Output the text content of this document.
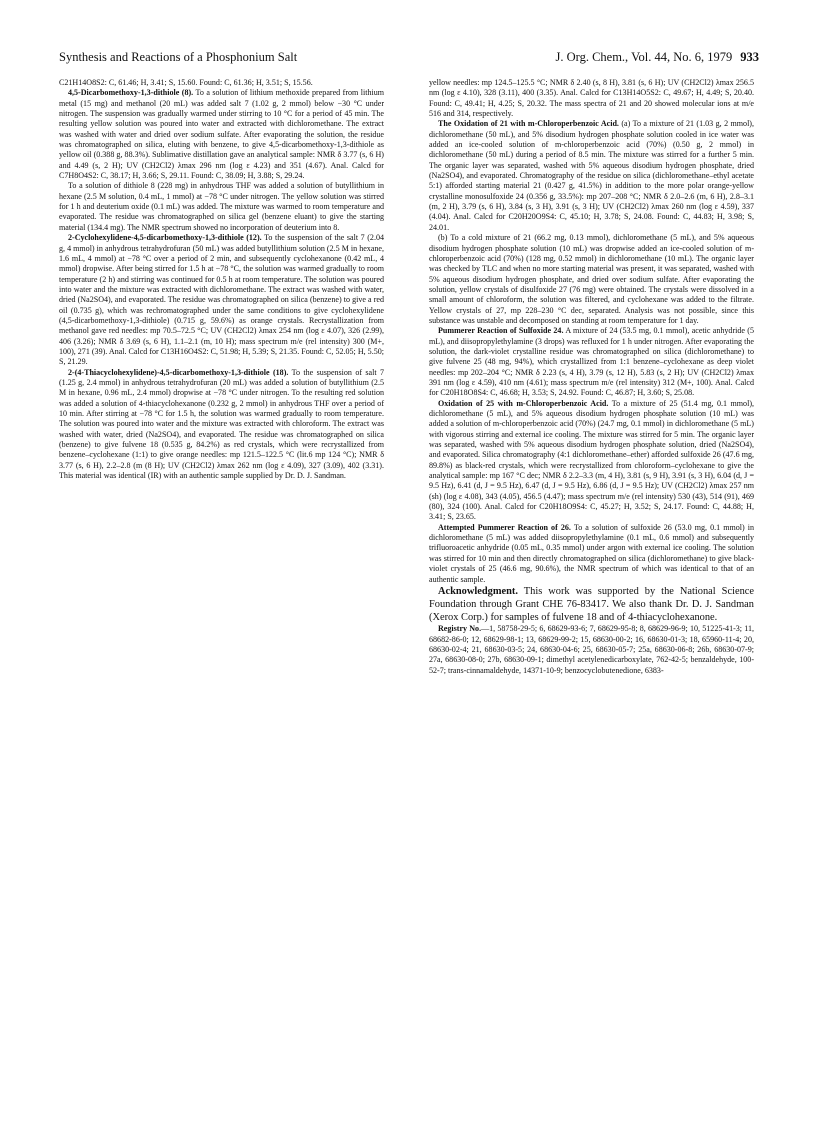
Synthesis and Reactions of a Phosphonium Salt	J. Org. Chem., Vol. 44, No. 6, 1979 933

C21H14O8S2: C, 61.46; H, 3.41; S, 15.60. Found: C, 61.36; H, 3.51; S, 15.56.

4,5-Dicarbomethoxy-1,3-dithiole (8). To a solution of lithium methoxide prepared from lithium metal (15 mg) and methanol (20 mL) was added salt 7 (1.02 g, 2 mmol) below −30 °C under nitrogen. The suspension was gradually warmed under stirring to 10 °C for a period of 45 min. The resulting yellow solution was poured into water and extracted with dichloromethane. The extract was washed with water and dried over sodium sulfate. After evaporating the solution, the residue was chromatographed on silica, eluting with benzene, to give 4,5-dicarbomethoxy-1,3-dithiole as yellow oil (0.388 g, 88.3%). Sublimative distillation gave an analytical sample: NMR δ 3.77 (s, 6 H) and 4.49 (s, 2 H); UV (CH2Cl2) λmax 296 nm (log ε 4.23) and 351 (4.67). Anal. Calcd for C7H8O4S2: C, 38.17; H, 3.66; S, 29.11. Found: C, 38.09; H, 3.88; S, 29.24.

To a solution of dithiole 8 (228 mg) in anhydrous THF was added a solution of butyllithium in hexane (2.5 M solution, 0.4 mL, 1 mmol) at −78 °C under nitrogen. The yellow solution was stirred for 1 h and deuterium oxide (0.1 mL) was added. The mixture was warmed to room temperature and evaporated. The residue was chromatographed on silica gel (benzene eluant) to give the starting material (134.4 mg). The NMR spectrum showed no incorporation of deuterium into 8.

2-Cyclohexylidene-4,5-dicarbomethoxy-1,3-dithiole (12). To the suspension of the salt 7 (2.04 g, 4 mmol) in anhydrous tetrahydrofuran (50 mL) was added butyllithium solution (2.5 M in hexane, 1.6 mL, 4 mmol) at −78 °C over a period of 2 min, and subsequently cyclohexanone (0.42 mL, 4 mmol) dropwise. After being stirred for 1.5 h at −78 °C, the solution was warmed gradually to room temperature (2 h) and stirring was continued for 0.5 h at room temperature. The solution was poured into water and the mixture was extracted with dichloromethane. The extract was washed with water, dried (Na2SO4), and evaporated. The residue was chromatographed on silica (benzene) to give a red oil (0.735 g), which was rechromatographed under the same conditions to give cyclohexylidene (4,5-dicarbomethoxy-1,3-dithiole) (0.715 g, 59.6%) as orange crystals. Recrystallization from methanol gave red needles: mp 70.5–72.5 °C; UV (CH2Cl2) λmax 254 nm (log ε 4.07), 326 (2.99), 406 (3.26); NMR δ 3.69 (s, 6 H), 1.1–2.1 (m, 10 H); mass spectrum m/e (rel intensity) 300 (M+, 100), 271 (39). Anal. Calcd for C13H16O4S2: C, 51.98; H, 5.39; S, 21.35. Found: C, 52.05; H, 5.50; S, 21.29.

2-(4-Thiacyclohexylidene)-4,5-dicarbomethoxy-1,3-dithiole (18). To the suspension of salt 7 (1.25 g, 2.4 mmol) in anhydrous tetrahydrofuran (20 mL) was added a solution of butyllithium (2.5 M in hexane, 0.96 mL, 2.4 mmol) dropwise at −78 °C under nitrogen. To the resulting red solution was added a solution of 4-thiacyclohexanone (0.232 g, 2 mmol) in anhydrous THF over a period of 10 min. After stirring at −78 °C for 1.5 h, the solution was warmed gradually to room temperature. The solution was poured into water and the mixture was extracted with chloroform. The extract was washed with water, dried (Na2SO4), and evaporated. The residue was chromatographed on silica (benzene) to give fulvene 18 (0.535 g, 84.2%) as red crystals, which were recrystallized from benzene–cyclohexane (1:1) to give orange needles: mp 121.5–122.5 °C (lit.6 mp 124 °C); NMR δ 3.77 (s, 6 H), 2.2–2.8 (m (8 H); UV (CH2Cl2) λmax 262 nm (log ε 4.09), 327 (3.09), 402 (3.31). This material was identical (IR) with an authentic sample supplied by Dr. D. J. Sandman.

yellow needles: mp 124.5–125.5 °C; NMR δ 2.40 (s, 8 H), 3.81 (s, 6 H); UV (CH2Cl2) λmax 256.5 nm (log ε 4.10), 328 (3.11), 400 (3.35). Anal. Calcd for C13H14O5S2: C, 49.67; H, 4.49; S, 20.40. Found: C, 49.41; H, 4.25; S, 20.32. The mass spectra of 21 and 20 showed molecular ions at m/e 516 and 314, respectively.

The Oxidation of 21 with m-Chloroperbenzoic Acid. (a) To a mixture of 21 (1.03 g, 2 mmol), dichloromethane (50 mL), and 5% disodium hydrogen phosphate solution cooled in ice water was added an ice-cooled solution of m-chloroperbenzoic acid (70%) (0.50 g, 2 mmol) in dichloromethane (50 mL) during a period of 8.5 min. The mixture was stirred for a further 5 min. The organic layer was separated, washed with 5% aqueous disodium hydrogen phosphate, dried (Na2SO4), and evaporated. Chromatography of the residue on silica (dichloromethane–ethyl acetate 5:1) afforded starting material 21 (0.427 g, 41.5%) in addition to the more polar orange-yellow crystalline monosulfoxide 24 (0.356 g, 33.5%): mp 207–208 °C; NMR δ 2.0–2.6 (m, 6 H), 2.8–3.1 (m, 2 H), 3.79 (s, 6 H), 3.84 (s, 3 H), 3.91 (s, 3 H); UV (CH2Cl2) λmax 260 nm (log ε 4.59), 337 (4.04). Anal. Calcd for C20H20O9S4: C, 45.10; H, 3.78; S, 24.08. Found: C, 44.83; H, 3.98; S, 24.01.

(b) To a cold mixture of 21 (66.2 mg, 0.13 mmol), dichloromethane (5 mL), and 5% aqueous disodium hydrogen phosphate solution (10 mL) was dropwise added an ice-cooled solution of m-chloroperbenzoic acid (70%) (128 mg, 0.52 mmol) in dichloromethane (10 mL). The organic layer was checked by TLC and when no more starting material was present, it was separated, washed with 5% aqueous disodium hydrogen phosphate, and dried over sodium sulfate. After evaporating the solution, yellow crystals of disulfoxide 27 (76 mg) were obtained. The crystals were dissolved in a small amount of chloroform, the solution was filtered, and cyclohexane was added to the filtrate. Yellow crystals of 27, mp 228–230 °C dec, separated. Analysis was not possible, since this substance was unstable and decomposed on standing at room temperature for 1 day.

Pummerer Reaction of Sulfoxide 24. A mixture of 24 (53.5 mg, 0.1 mmol), acetic anhydride (5 mL), and diisopropylethylamine (3 drops) was refluxed for 1 h under nitrogen. After evaporating the solution, the dark-violet crystalline residue was chromatographed on silica (dichloromethane) to give fulvene 25 (48 mg, 94%), which crystallized from 1:1 benzene–cyclohexane as deep violet needles: mp 202–204 °C; NMR δ 2.23 (s, 4 H), 3.79 (s, 12 H), 5.83 (s, 2 H); UV (CH2Cl2) λmax 391 nm (log ε 4.59), 410 nm (4.61); mass spectrum m/e (rel intensity) 312 (M+, 100). Anal. Calcd for C20H18O8S4: C, 46.68; H, 3.53; S, 24.92. Found: C, 46.87; H, 3.60; S, 25.08.

Oxidation of 25 with m-Chloroperbenzoic Acid. To a mixture of 25 (51.4 mg, 0.1 mmol), dichloromethane (5 mL), and 5% aqueous disodium hydrogen phosphate solution (10 mL) was added a solution of m-chloroperbenzoic acid (70%) (24.7 mg, 0.1 mmol) in dichloromethane (5 mL) with vigorous stirring and external ice cooling. The mixture was stirred for 5 min. The organic layer was separated, washed with 5% aqueous disodium hydrogen phosphate solution, dried (Na2SO4), and evaporated. Silica chromatography (4:1 dichloromethane–ether) afforded sulfoxide 26 (47.6 mg, 89.8%) as black-red crystals, which were recrystallized from chloroform–cyclohexane to give the analytical sample: mp 167 °C dec; NMR δ 2.2–3.3 (m, 4 H), 3.81 (s, 9 H), 3.91 (s, 3 H), 6.04 (d, J = 9.5 Hz), 6.41 (d, J = 9.5 Hz), 6.47 (d, J = 9.5 Hz), 6.86 (d, J = 9.5 Hz); UV (CH2Cl2) λmax 257 nm (sh) (log ε 4.08), 343 (4.05), 456.5 (4.47); mass spectrum m/e (rel intensity) 530 (43), 514 (91), 469 (80), 324 (100). Anal. Calcd for C20H18O9S4: C, 45.27; H, 3.52; S, 24.17. Found: C, 44.88; H, 3.41; S, 23.65.

Attempted Pummerer Reaction of 26. To a solution of sulfoxide 26 (53.0 mg, 0.1 mmol) in dichloromethane (5 mL) was added diisopropylethylamine (0.1 mL, 0.6 mmol) and subsequently trifluoroacetic anhydride (0.05 mL, 0.35 mmol) under argon with external ice cooling. The solution was stirred for 10 min and then directly chromatographed on silica (dichloromethane) to give black-violet crystals of 25 (46.6 mg, 90.6%), the NMR spectrum of which was identical to that of an authentic sample.

Acknowledgment. This work was supported by the National Science Foundation through Grant CHE 76-83417. We also thank Dr. D. J. Sandman (Xerox Corp.) for samples of fulvene 18 and of 4-thiacyclohexanone.

Registry No.—1, 58758-29-5; 6, 68629-93-6; 7, 68629-95-8; 8, 68629-96-9; 10, 51225-41-3; 11, 68682-86-0; 12, 68629-98-1; 13, 68629-99-2; 15, 68630-00-2; 16, 68630-01-3; 18, 65960-11-4; 20, 68630-02-4; 21, 68630-03-5; 24, 68630-04-6; 25, 68630-05-7; 25a, 68630-06-8; 26b, 68630-07-9; 27a, 68630-08-0; 27b, 68630-09-1; dimethyl acetylenedicarboxylate, 762-42-5; benzaldehyde, 100-52-7; trans-cinnamaldehyde, 14371-10-9; benzocyclobutenedione, 6383-
